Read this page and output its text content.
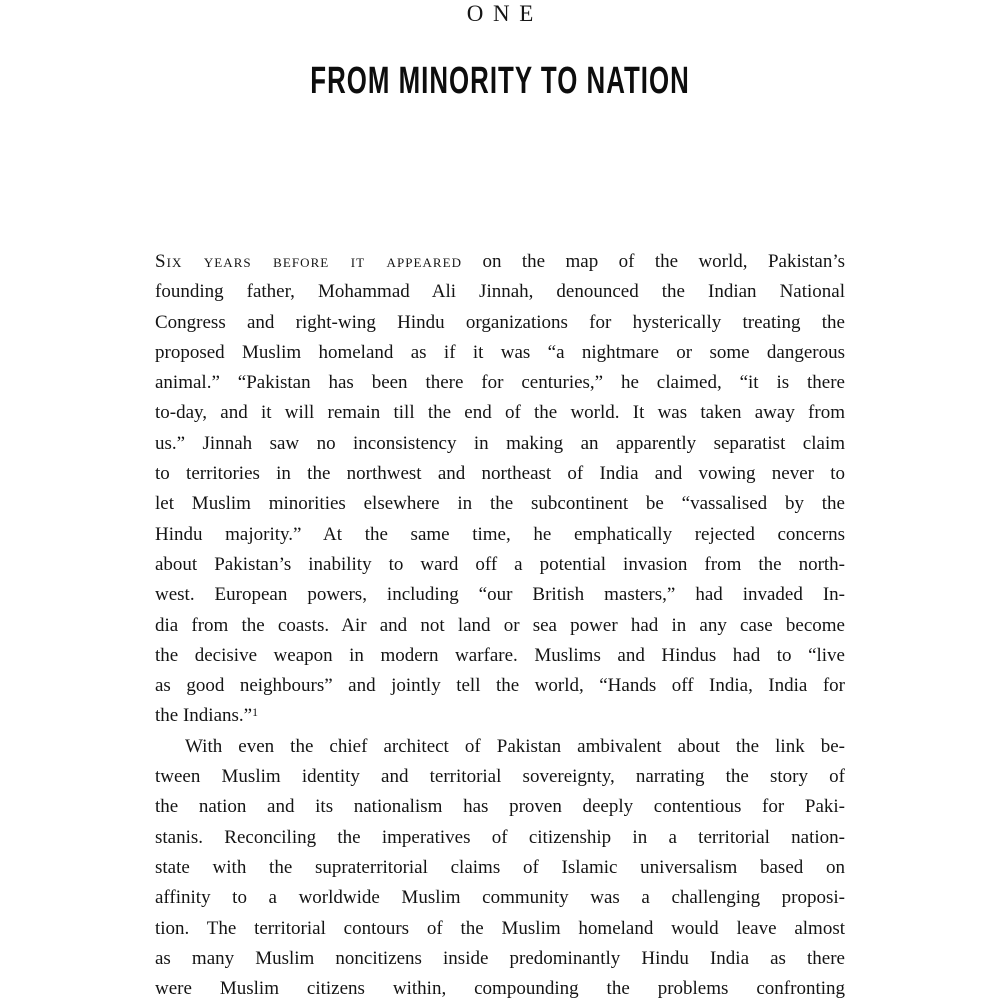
ONE
FROM MINORITY TO NATION
Six years before it appeared on the map of the world, Pakistan’s
founding father, Mohammad Ali Jinnah, denounced the Indian National
Congress and right-wing Hindu organizations for hysterically treating the
proposed Muslim homeland as if it was “a nightmare or some dangerous
animal.” “Pakistan has been there for centuries,” he claimed, “it is there
to-day, and it will remain till the end of the world. It was taken away from
us.” Jinnah saw no inconsistency in making an apparently separatist claim
to territories in the northwest and northeast of India and vowing never to
let Muslim minorities elsewhere in the subcontinent be “vassalised by the
Hindu majority.” At the same time, he emphatically rejected concerns
about Pakistan’s inability to ward off a potential invasion from the north-
west. European powers, including “our British masters,” had invaded In-
dia from the coasts. Air and not land or sea power had in any case become
the decisive weapon in modern warfare. Muslims and Hindus had to “live
as good neighbours” and jointly tell the world, “Hands off India, India for
the Indians.”$^1$
With even the chief architect of Pakistan ambivalent about the link be-
tween Muslim identity and territorial sovereignty, narrating the story of
the nation and its nationalism has proven deeply contentious for Paki-
stanis. Reconciling the imperatives of citizenship in a territorial nation-
state with the supraterritorial claims of Islamic universalism based on
affinity to a worldwide Muslim community was a challenging proposi-
tion. The territorial contours of the Muslim homeland would leave almost
as many Muslim noncitizens inside predominantly Hindu India as there
were Muslim citizens within, compounding the problems confronting
